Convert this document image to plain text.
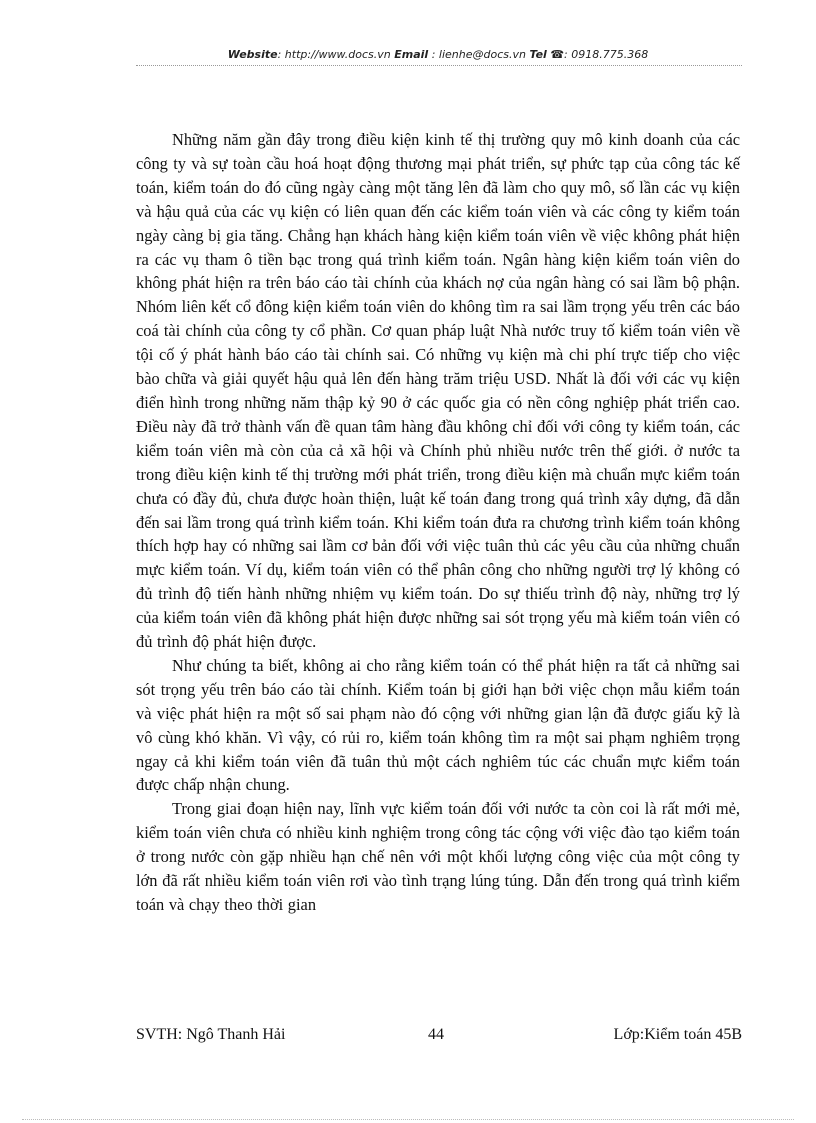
Website: http://www.docs.vn Email : lienhe@docs.vn Tel ☎: 0918.775.368

Những năm gần đây trong điều kiện kinh tế thị trường quy mô kinh doanh của các công ty và sự toàn cầu hoá hoạt động thương mại phát triển, sự phức tạp của công tác kế toán, kiểm toán do đó cũng ngày càng một tăng lên đã làm cho quy mô, số lần các vụ kiện và hậu quả của các vụ kiện có liên quan đến các kiểm toán viên và các công ty kiểm toán ngày càng bị gia tăng. Chẳng hạn khách hàng kiện kiểm toán viên về việc không phát hiện ra các vụ tham ô tiền bạc trong quá trình kiểm toán. Ngân hàng kiện kiểm toán viên do không phát hiện ra trên báo cáo tài chính của khách nợ của ngân hàng có sai lầm bộ phận. Nhóm liên kết cổ đông kiện kiểm toán viên do không tìm ra sai lầm trọng yếu trên các báo coá tài chính của công ty cổ phần. Cơ quan pháp luật Nhà nước truy tố kiểm toán viên về tội cố ý phát hành báo cáo tài chính sai. Có những vụ kiện mà chi phí trực tiếp cho việc bào chữa và giải quyết hậu quả lên đến hàng trăm triệu USD. Nhất là đối với các vụ kiện điển hình trong những năm thập kỷ 90 ở các quốc gia có nền công nghiệp phát triển cao. Điều này đã trở thành vấn đề quan tâm hàng đầu không chỉ đối với công ty kiểm toán, các kiểm toán viên mà còn của cả xã hội và Chính phủ nhiều nước trên thế giới. ở nước ta trong điều kiện kinh tế thị trường mới phát triển, trong điều kiện mà chuẩn mực kiểm toán chưa có đầy đủ, chưa được hoàn thiện, luật kế toán đang trong quá trình xây dựng, đã dẫn đến sai lầm trong quá trình kiểm toán. Khi kiểm toán đưa ra chương trình kiểm toán không thích hợp hay có những sai lầm cơ bản đối với việc tuân thủ các yêu cầu của những chuẩn mực kiểm toán. Ví dụ, kiểm toán viên có thể phân công cho những người trợ lý không có đủ trình độ tiến hành những nhiệm vụ kiểm toán. Do sự thiếu trình độ này, những trợ lý của kiểm toán viên đã không phát hiện được những sai sót trọng yếu mà kiểm toán viên có đủ trình độ phát hiện được.

Như chúng ta biết, không ai cho rằng kiểm toán có thể phát hiện ra tất cả những sai sót trọng yếu trên báo cáo tài chính. Kiểm toán bị giới hạn bởi việc chọn mẫu kiểm toán và việc phát hiện ra một số sai phạm nào đó cộng với những gian lận đã được giấu kỹ là vô cùng khó khăn. Vì vậy, có rủi ro, kiểm toán không tìm ra một sai phạm nghiêm trọng ngay cả khi kiểm toán viên đã tuân thủ một cách nghiêm túc các chuẩn mực kiểm toán được chấp nhận chung.

Trong giai đoạn hiện nay, lĩnh vực kiểm toán đối với nước ta còn coi là rất mới mẻ, kiểm toán viên chưa có nhiều kinh nghiệm trong công tác cộng với việc đào tạo kiểm toán ở trong nước còn gặp nhiều hạn chế nên với một khối lượng công việc của một công ty lớn đã rất nhiều kiểm toán viên rơi vào tình trạng lúng túng. Dẫn đến trong quá trình kiểm toán và chạy theo thời gian

SVTH: Ngô Thanh Hải	44	Lớp:Kiểm toán 45B
